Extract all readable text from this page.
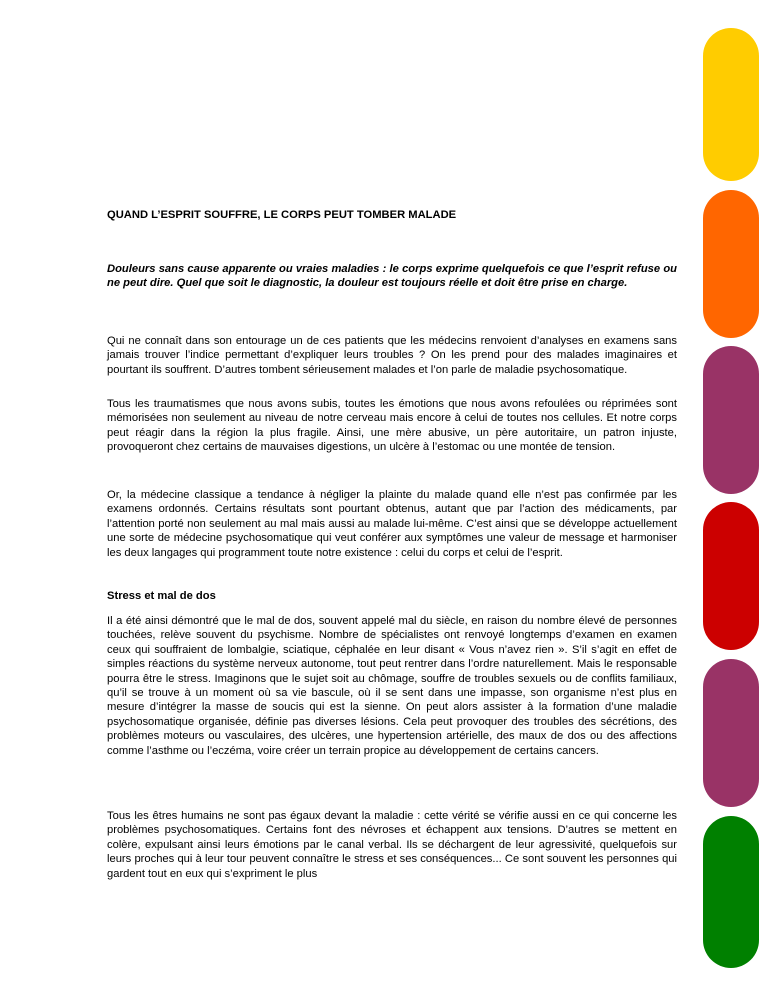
QUAND L’ESPRIT SOUFFRE, LE CORPS PEUT TOMBER MALADE

Douleurs sans cause apparente ou vraies maladies : le corps exprime quelquefois ce que l’esprit refuse ou ne peut dire. Quel que soit le diagnostic, la douleur est toujours réelle et doit être prise en charge.

Qui ne connaît dans son entourage un de ces patients que les médecins renvoient d’analyses en examens sans jamais trouver l’indice permettant d’expliquer leurs troubles ? On les prend pour des malades imaginaires et pourtant ils souffrent. D’autres tombent sérieusement malades et l’on parle de maladie psychosomatique.

Tous les traumatismes que nous avons subis, toutes les émotions que nous avons refoulées ou réprimées sont mémorisées non seulement au niveau de notre cerveau mais encore à celui de toutes nos cellules. Et notre corps peut réagir dans la région la plus fragile. Ainsi, une mère abusive, un père autoritaire, un patron injuste, provoqueront chez certains de mauvaises digestions, un ulcère à l’estomac ou une montée de tension.

Or, la médecine classique a tendance à négliger la plainte du malade quand elle n’est pas confirmée par les examens ordonnés. Certains résultats sont pourtant obtenus, autant que par l’action des médicaments, par l’attention porté non seulement au mal mais aussi au malade lui-même. C’est ainsi que se développe actuellement une sorte de médecine psychosomatique qui veut conférer aux symptômes une valeur de message et harmoniser les deux langages qui programment toute notre existence : celui du corps et celui de l’esprit.

Stress et mal de dos

Il a été ainsi démontré que le mal de dos, souvent appelé mal du siècle, en raison du nombre élevé de personnes touchées, relève souvent du psychisme. Nombre de spécialistes ont renvoyé longtemps d’examen en examen ceux qui souffraient de lombalgie, sciatique, céphalée en leur disant « Vous n’avez rien ». S’il s’agit en effet de simples réactions du système nerveux autonome, tout peut rentrer dans l’ordre naturellement. Mais le responsable pourra être le stress. Imaginons que le sujet soit au chômage, souffre de troubles sexuels ou de conflits familiaux, qu’il se trouve à un moment où sa vie bascule, où il se sent dans une impasse, son organisme n’est plus en mesure d’intégrer la masse de soucis qui est la sienne. On peut alors assister à la formation d’une maladie psychosomatique organisée, définie pas diverses lésions. Cela peut provoquer des troubles des sécrétions, des problèmes moteurs ou vasculaires, des ulcères, une hypertension artérielle, des maux de dos ou des affections comme l’asthme ou l’eczéma, voire créer un terrain propice au développement de certains cancers.

Tous les êtres humains ne sont pas égaux devant la maladie : cette vérité se vérifie aussi en ce qui concerne les problèmes psychosomatiques. Certains font des névroses et échappent aux tensions. D’autres se mettent en colère, expulsant ainsi leurs émotions par le canal verbal. Ils se déchargent de leur agressivité, quelquefois sur leurs proches qui à leur tour peuvent connaître le stress et ses conséquences... Ce sont souvent les personnes qui gardent tout en eux qui s’expriment le plus
